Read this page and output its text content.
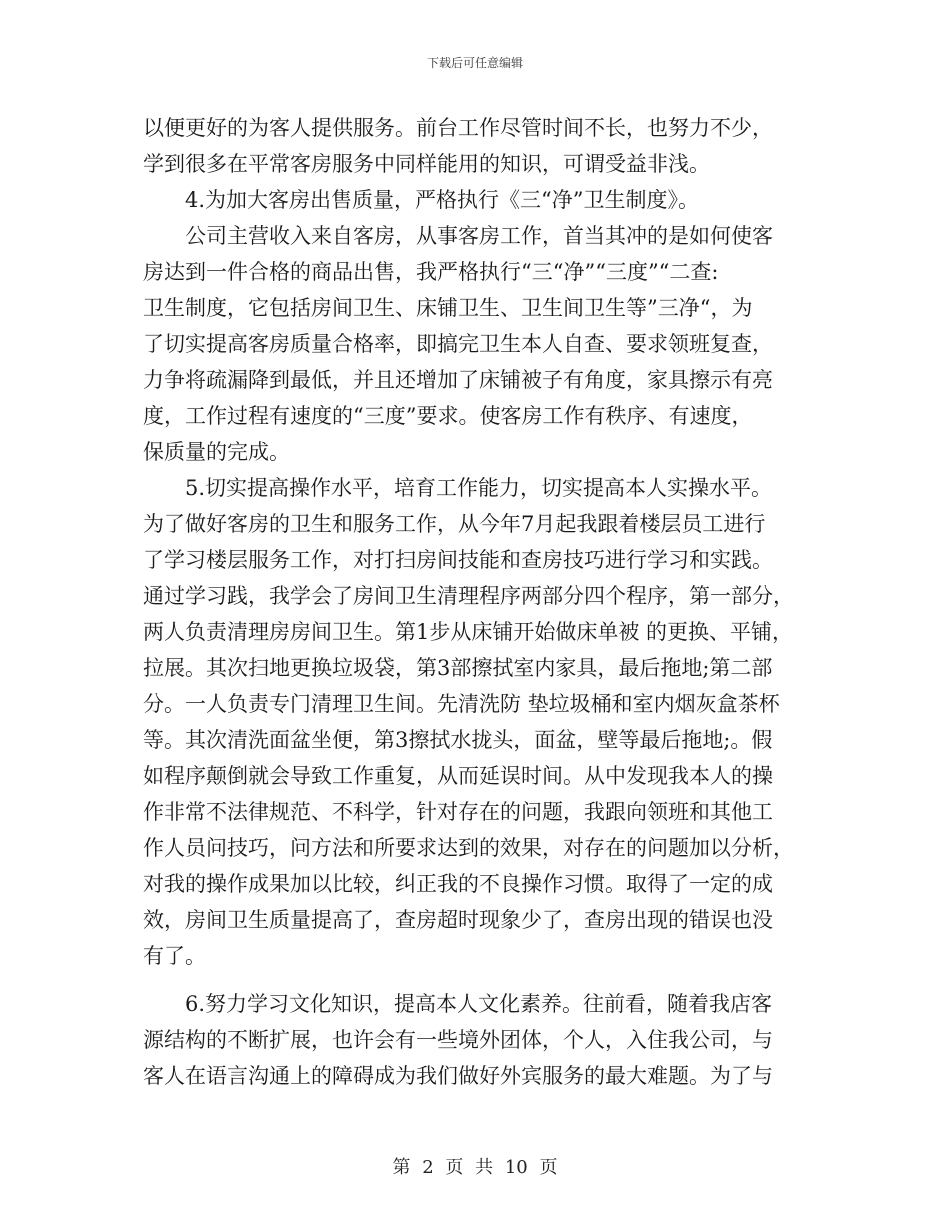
下载后可任意编辑
以便更好的为客人提供服务。前台工作尽管时间不长，也努力不少，
学到很多在平常客房服务中同样能用的知识，可谓受益非浅。
4.为加大客房出售质量，严格执行《三“净”卫生制度》。
公司主营收入来自客房，从事客房工作，首当其冲的是如何使客
房达到一件合格的商品出售，我严格执行“三“净”“三度”“二查:
卫生制度，它包括房间卫生、床铺卫生、卫生间卫生等”三净“，为
了切实提高客房质量合格率，即搞完卫生本人自查、要求领班复查，
力争将疏漏降到最低，并且还增加了床铺被子有角度，家具擦示有亮
度，工作过程有速度的“三度”要求。使客房工作有秩序、有速度，
保质量的完成。
5.切实提高操作水平，培育工作能力，切实提高本人实操水平。
为了做好客房的卫生和服务工作，从今年7月起我跟着楼层员工进行
了学习楼层服务工作，对打扫房间技能和查房技巧进行学习和实践。
通过学习践，我学会了房间卫生清理程序两部分四个程序，第一部分，
两人负责清理房房间卫生。第1步从床铺开始做床单被 的更换、平铺，
拉展。其次扫地更换垃圾袋，第3部擦拭室内家具，最后拖地;第二部
分。一人负责专门清理卫生间。先清洗防 垫垃圾桶和室内烟灰盒茶杯
等。其次清洗面盆坐便，第3擦拭水拢头，面盆，壁等最后拖地;。假
如程序颠倒就会导致工作重复，从而延误时间。从中发现我本人的操
作非常不法律规范、不科学，针对存在的问题，我跟向领班和其他工
作人员问技巧，问方法和所要求达到的效果，对存在的问题加以分析，
对我的操作成果加以比较，纠正我的不良操作习惯。取得了一定的成
效，房间卫生质量提高了，查房超时现象少了，查房出现的错误也没
有了。
6.努力学习文化知识，提高本人文化素养。往前看，随着我店客
源结构的不断扩展，也许会有一些境外团体，个人，入住我公司，与
客人在语言沟通上的障碍成为我们做好外宾服务的最大难题。为了与
第 2 页 共 10 页
